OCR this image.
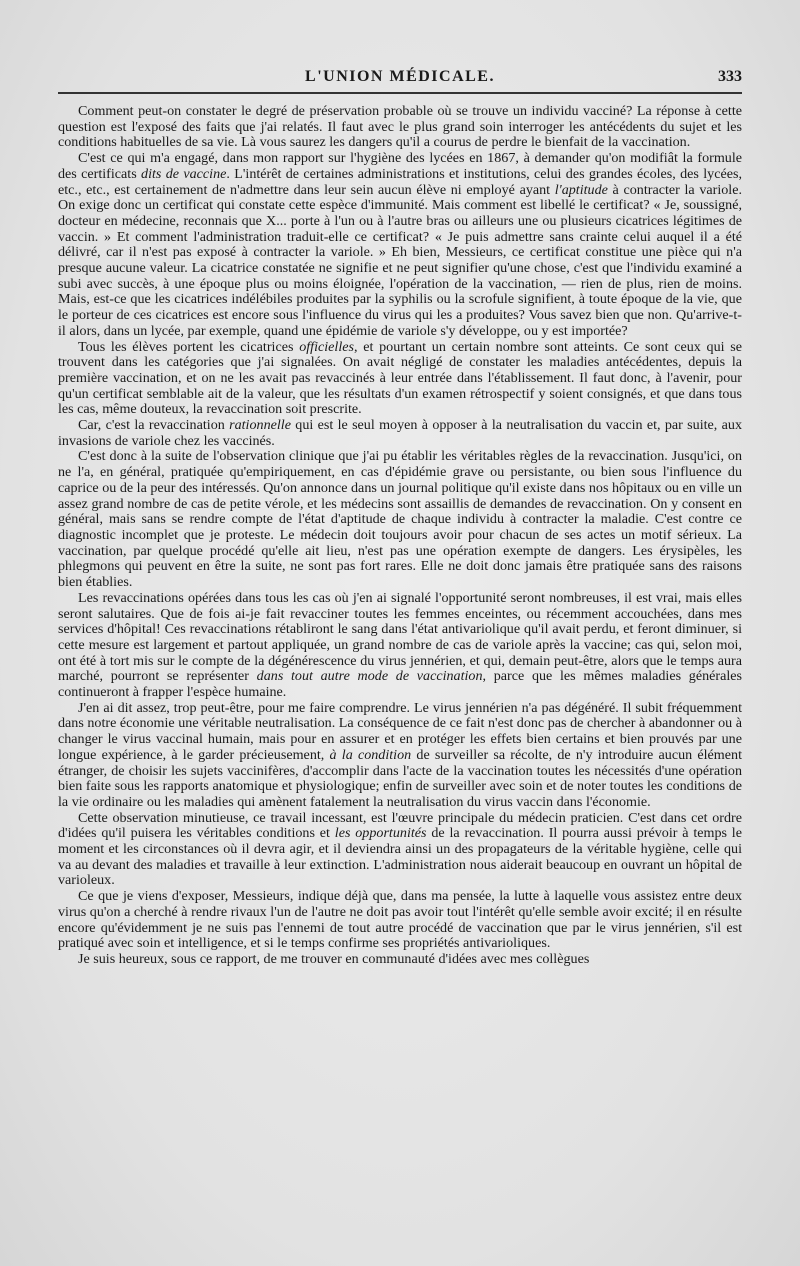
L'UNION MÉDICALE.	333

Comment peut-on constater le degré de préservation probable où se trouve un individu vacciné? La réponse à cette question est l'exposé des faits que j'ai relatés. Il faut avec le plus grand soin interroger les antécédents du sujet et les conditions habituelles de sa vie. Là vous saurez les dangers qu'il a courus de perdre le bienfait de la vaccination.

C'est ce qui m'a engagé, dans mon rapport sur l'hygiène des lycées en 1867, à demander qu'on modifiât la formule des certificats dits de vaccine. L'intérêt de certaines administrations et institutions, celui des grandes écoles, des lycées, etc., etc., est certainement de n'admettre dans leur sein aucun élève ni employé ayant l'aptitude à contracter la variole. On exige donc un certificat qui constate cette espèce d'immunité. Mais comment est libellé le certificat? « Je, soussigné, docteur en médecine, reconnais que X... porte à l'un ou à l'autre bras ou ailleurs une ou plusieurs cicatrices légitimes de vaccin. » Et comment l'administration traduit-elle ce certificat? « Je puis admettre sans crainte celui auquel il a été délivré, car il n'est pas exposé à contracter la variole. » Eh bien, Messieurs, ce certificat constitue une pièce qui n'a presque aucune valeur. La cicatrice constatée ne signifie et ne peut signifier qu'une chose, c'est que l'individu examiné a subi avec succès, à une époque plus ou moins éloignée, l'opération de la vaccination, — rien de plus, rien de moins. Mais, est-ce que les cicatrices indélébiles produites par la syphilis ou la scrofule signifient, à toute époque de la vie, que le porteur de ces cicatrices est encore sous l'influence du virus qui les a produites? Vous savez bien que non. Qu'arrive-t-il alors, dans un lycée, par exemple, quand une épidémie de variole s'y développe, ou y est importée?

Tous les élèves portent les cicatrices officielles, et pourtant un certain nombre sont atteints. Ce sont ceux qui se trouvent dans les catégories que j'ai signalées. On avait négligé de constater les maladies antécédentes, depuis la première vaccination, et on ne les avait pas revaccinés à leur entrée dans l'établissement. Il faut donc, à l'avenir, pour qu'un certificat semblable ait de la valeur, que les résultats d'un examen rétrospectif y soient consignés, et que dans tous les cas, même douteux, la revaccination soit prescrite.

Car, c'est la revaccination rationnelle qui est le seul moyen à opposer à la neutralisation du vaccin et, par suite, aux invasions de variole chez les vaccinés.

C'est donc à la suite de l'observation clinique que j'ai pu établir les véritables règles de la revaccination. Jusqu'ici, on ne l'a, en général, pratiquée qu'empiriquement, en cas d'épidémie grave ou persistante, ou bien sous l'influence du caprice ou de la peur des intéressés. Qu'on annonce dans un journal politique qu'il existe dans nos hôpitaux ou en ville un assez grand nombre de cas de petite vérole, et les médecins sont assaillis de demandes de revaccination. On y consent en général, mais sans se rendre compte de l'état d'aptitude de chaque individu à contracter la maladie. C'est contre ce diagnostic incomplet que je proteste. Le médecin doit toujours avoir pour chacun de ses actes un motif sérieux. La vaccination, par quelque procédé qu'elle ait lieu, n'est pas une opération exempte de dangers. Les érysipèles, les phlegmons qui peuvent en être la suite, ne sont pas fort rares. Elle ne doit donc jamais être pratiquée sans des raisons bien établies.

Les revaccinations opérées dans tous les cas où j'en ai signalé l'opportunité seront nombreuses, il est vrai, mais elles seront salutaires. Que de fois ai-je fait revacciner toutes les femmes enceintes, ou récemment accouchées, dans mes services d'hôpital! Ces revaccinations rétabliront le sang dans l'état antivariolique qu'il avait perdu, et feront diminuer, si cette mesure est largement et partout appliquée, un grand nombre de cas de variole après la vaccine; cas qui, selon moi, ont été à tort mis sur le compte de la dégénérescence du virus jennérien, et qui, demain peut-être, alors que le temps aura marché, pourront se représenter dans tout autre mode de vaccination, parce que les mêmes maladies générales continueront à frapper l'espèce humaine.

J'en ai dit assez, trop peut-être, pour me faire comprendre. Le virus jennérien n'a pas dégénéré. Il subit fréquemment dans notre économie une véritable neutralisation. La conséquence de ce fait n'est donc pas de chercher à abandonner ou à changer le virus vaccinal humain, mais pour en assurer et en protéger les effets bien certains et bien prouvés par une longue expérience, à le garder précieusement, à la condition de surveiller sa récolte, de n'y introduire aucun élément étranger, de choisir les sujets vaccinifères, d'accomplir dans l'acte de la vaccination toutes les nécessités d'une opération bien faite sous les rapports anatomique et physiologique; enfin de surveiller avec soin et de noter toutes les conditions de la vie ordinaire ou les maladies qui amènent fatalement la neutralisation du virus vaccin dans l'économie.

Cette observation minutieuse, ce travail incessant, est l'œuvre principale du médecin praticien. C'est dans cet ordre d'idées qu'il puisera les véritables conditions et les opportunités de la revaccination. Il pourra aussi prévoir à temps le moment et les circonstances où il devra agir, et il deviendra ainsi un des propagateurs de la véritable hygiène, celle qui va au devant des maladies et travaille à leur extinction. L'administration nous aiderait beaucoup en ouvrant un hôpital de varioleux.

Ce que je viens d'exposer, Messieurs, indique déjà que, dans ma pensée, la lutte à laquelle vous assistez entre deux virus qu'on a cherché à rendre rivaux l'un de l'autre ne doit pas avoir tout l'intérêt qu'elle semble avoir excité; il en résulte encore qu'évidemment je ne suis pas l'ennemi de tout autre procédé de vaccination que par le virus jennérien, s'il est pratiqué avec soin et intelligence, et si le temps confirme ses propriétés antivarioliques.

Je suis heureux, sous ce rapport, de me trouver en communauté d'idées avec mes collègues
